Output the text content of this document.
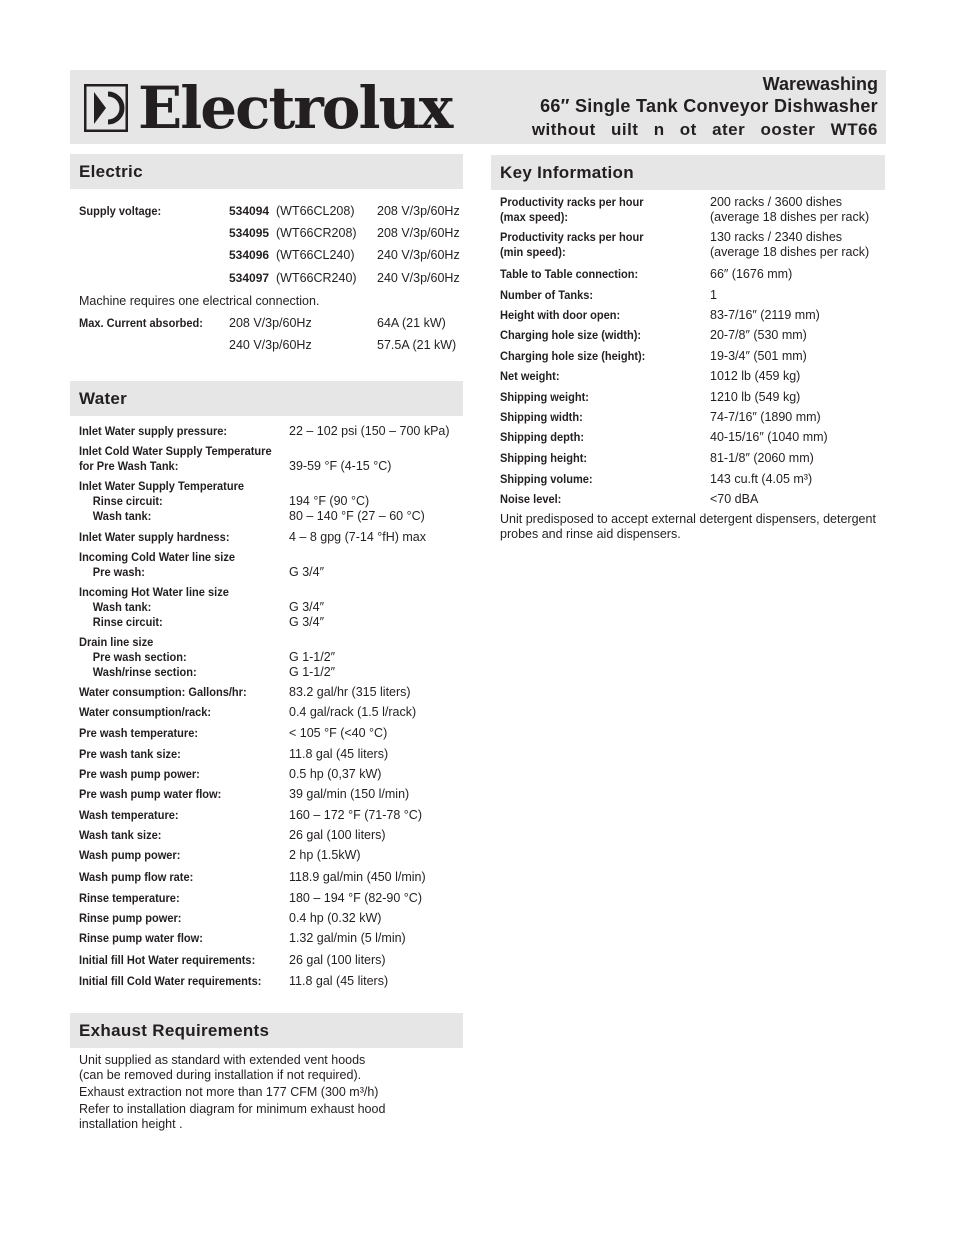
Electrolux	Warewashing
66″ Single Tank Conveyor Dishwasher
without uilt n ot ater ooster WT66
Electric
Supply voltage:	534094 (WT66CL208) 208 V/3p/60Hz
534095 (WT66CR208) 208 V/3p/60Hz
534096 (WT66CL240) 240 V/3p/60Hz
534097 (WT66CR240) 240 V/3p/60Hz
Machine requires one electrical connection.
Max. Current absorbed: 208 V/3p/60Hz	64A (21 kW)
240 V/3p/60Hz	57.5A (21 kW)
Water
Inlet Water supply pressure:	22 – 102 psi (150 – 700 kPa)
Inlet Cold Water Supply Temperature
for Pre Wash Tank:	39-59 °F (4-15 °C)
Inlet Water Supply Temperature
Rinse circuit:	194 °F (90 °C)
Wash tank:	80 – 140 °F (27 – 60 °C)
Inlet Water supply hardness:	4 – 8 gpg (7-14 °fH) max
Incoming Cold Water line size
Pre wash:	G 3/4″
Incoming Hot Water line size
Wash tank:	G 3/4″
Rinse circuit:	G 3/4″
Drain line size
Pre wash section:	G 1-1/2″
Wash/rinse section:	G 1-1/2″
Water consumption: Gallons/hr:	83.2 gal/hr (315 liters)
Water consumption/rack:	0.4 gal/rack (1.5 l/rack)
Pre wash temperature:	< 105 °F (<40 °C)
Pre wash tank size:	11.8 gal (45 liters)
Pre wash pump power:	0.5 hp (0,37 kW)
Pre wash pump water flow:	39 gal/min (150 l/min)
Wash temperature:	160 – 172 °F (71-78 °C)
Wash tank size:	26 gal (100 liters)
Wash pump power:	2 hp (1.5kW)
Wash pump flow rate:	118.9 gal/min (450 l/min)
Rinse temperature:	180 – 194 °F (82-90 °C)
Rinse pump power:	0.4 hp (0.32 kW)
Rinse pump water flow:	1.32 gal/min (5 l/min)
Initial fill Hot Water requirements:	26 gal (100 liters)
Initial fill Cold Water requirements: 11.8 gal (45 liters)
Exhaust Requirements
Unit supplied as standard with extended vent hoods
(can be removed during installation if not required).
Exhaust extraction not more than 177 CFM (300 m³/h)
Refer to installation diagram for minimum exhaust hood
installation height .
Key Information
Productivity racks per hour	200 racks / 3600 dishes
(max speed):	(average 18 dishes per rack)
Productivity racks per hour	130 racks / 2340 dishes
(min speed):	(average 18 dishes per rack)
Table to Table connection:	66″ (1676 mm)
Number of Tanks:	1
Height with door open:	83-7/16″ (2119 mm)
Charging hole size (width):	20-7/8″ (530 mm)
Charging hole size (height):	19-3/4″ (501 mm)
Net weight:	1012 lb (459 kg)
Shipping weight:	1210 lb (549 kg)
Shipping width:	74-7/16″ (1890 mm)
Shipping depth:	40-15/16″ (1040 mm)
Shipping height:	81-1/8″ (2060 mm)
Shipping volume:	143 cu.ft (4.05 m³)
Noise level:	<70 dBA
Unit predisposed to accept external detergent dispensers, detergent
probes and rinse aid dispensers.
